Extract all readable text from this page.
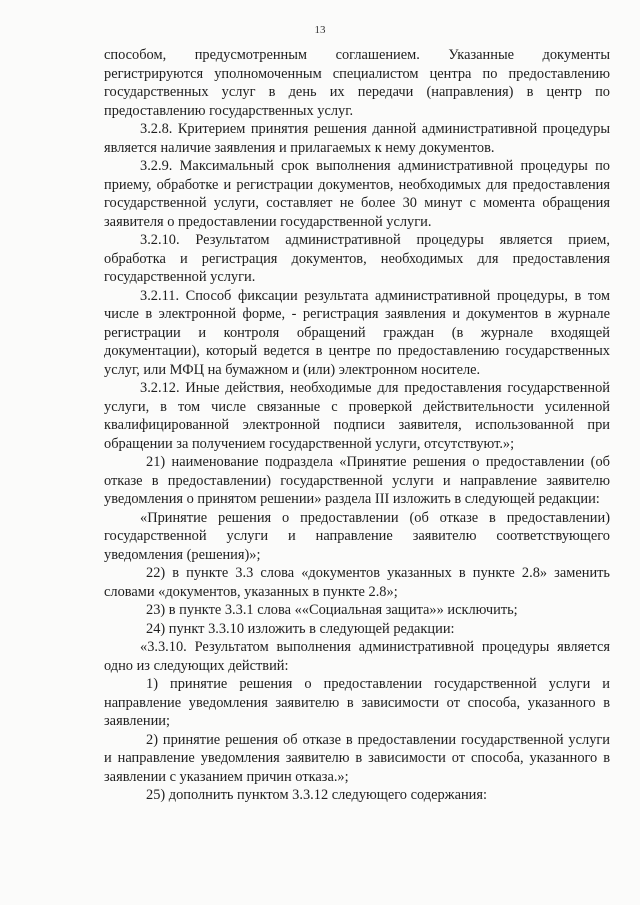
13

способом, предусмотренным соглашением. Указанные документы регистрируются уполномоченным специалистом центра по предоставлению государственных услуг в день их передачи (направления) в центр по предоставлению государственных услуг.

3.2.8. Критерием принятия решения данной административной процедуры является наличие заявления и прилагаемых к нему документов.

3.2.9. Максимальный срок выполнения административной процедуры по приему, обработке и регистрации документов, необходимых для предоставления государственной услуги, составляет не более 30 минут с момента обращения заявителя о предоставлении государственной услуги.

3.2.10. Результатом административной процедуры является прием, обработка и регистрация документов, необходимых для предоставления государственной услуги.

3.2.11. Способ фиксации результата административной процедуры, в том числе в электронной форме, - регистрация заявления и документов в журнале регистрации и контроля обращений граждан (в журнале входящей документации), который ведется в центре по предоставлению государственных услуг, или МФЦ на бумажном и (или) электронном носителе.

3.2.12. Иные действия, необходимые для предоставления государственной услуги, в том числе связанные с проверкой действительности усиленной квалифицированной электронной подписи заявителя, использованной при обращении за получением государственной услуги, отсутствуют.»;

21) наименование подраздела «Принятие решения о предоставлении (об отказе в предоставлении) государственной услуги и направление заявителю уведомления о принятом решении» раздела III изложить в следующей редакции:

«Принятие решения о предоставлении (об отказе в предоставлении) государственной услуги и направление заявителю соответствующего уведомления (решения)»;

22) в пункте 3.3 слова «документов указанных в пункте 2.8» заменить словами «документов, указанных в пункте 2.8»;

23) в пункте 3.3.1 слова ««Социальная защита»» исключить;

24) пункт 3.3.10 изложить в следующей редакции:

«3.3.10. Результатом выполнения административной процедуры является одно из следующих действий:

1) принятие решения о предоставлении государственной услуги и направление уведомления заявителю в зависимости от способа, указанного в заявлении;

2) принятие решения об отказе в предоставлении государственной услуги и направление уведомления заявителю в зависимости от способа, указанного в заявлении с указанием причин отказа.»;

25) дополнить пунктом 3.3.12 следующего содержания:
